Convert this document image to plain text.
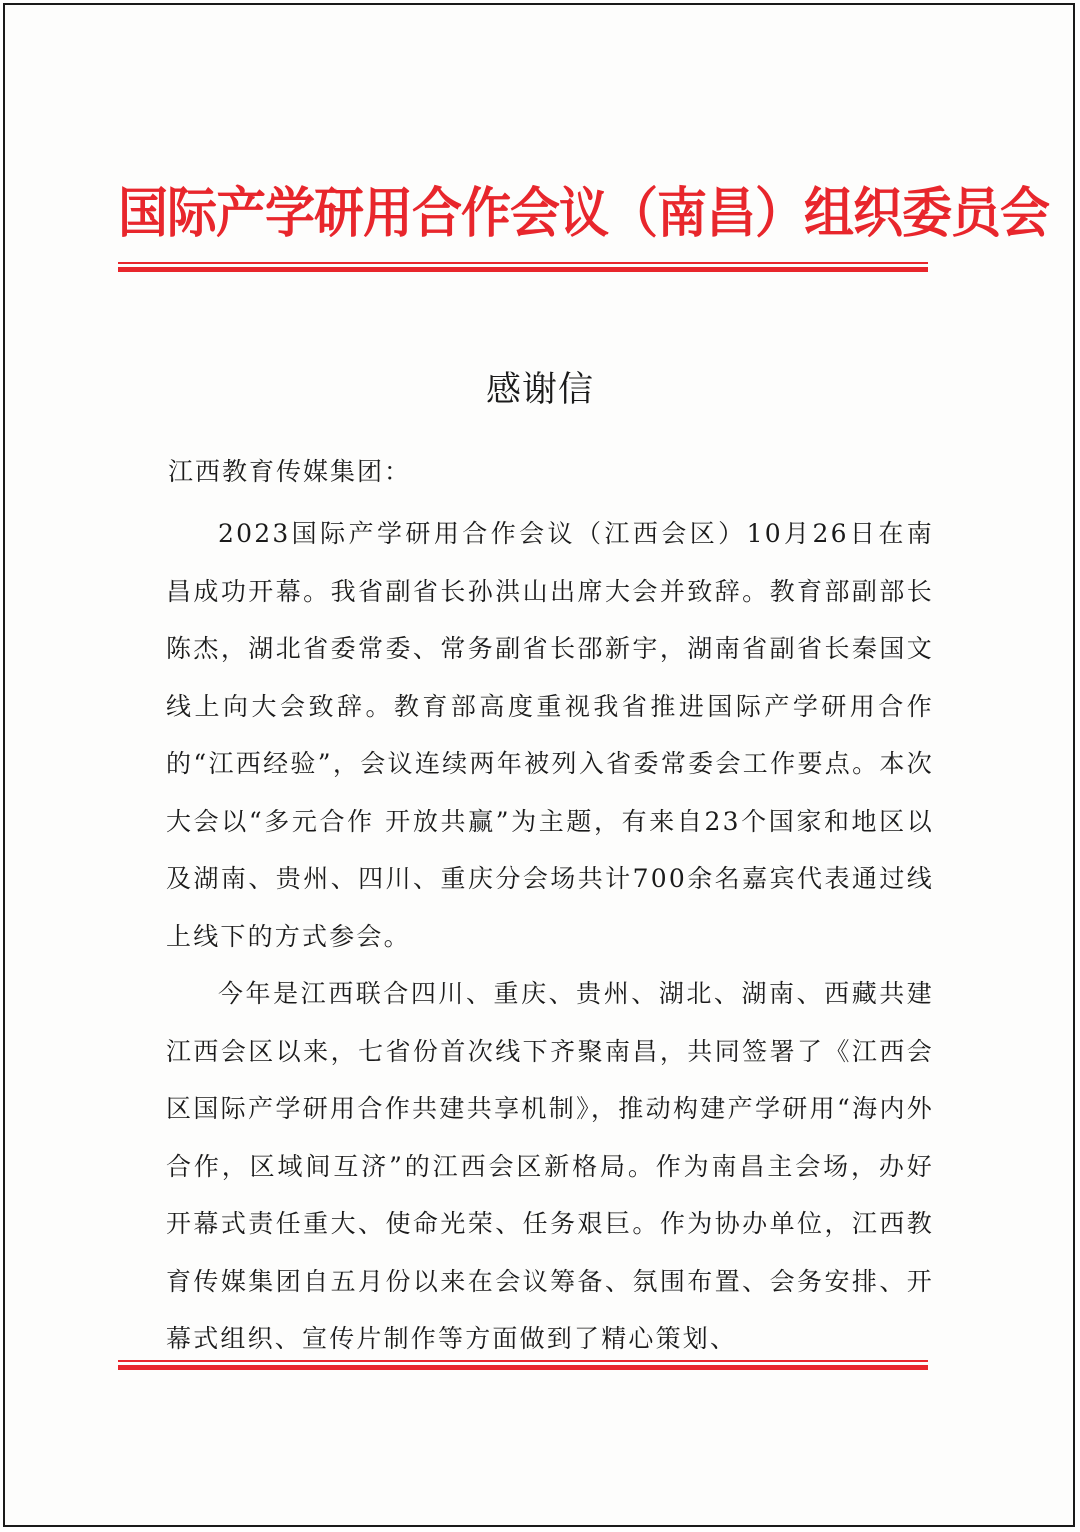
国际产学研用合作会议（南昌）组织委员会
感谢信
江西教育传媒集团：

2023国际产学研用合作会议（江西会区）10月26日在南昌成功开幕。我省副省长孙洪山出席大会并致辞。教育部副部长陈杰，湖北省委常委、常务副省长邵新宇，湖南省副省长秦国文线上向大会致辞。教育部高度重视我省推进国际产学研用合作的“江西经验”，会议连续两年被列入省委常委会工作要点。本次大会以“多元合作 开放共赢”为主题，有来自23个国家和地区以及湖南、贵州、四川、重庆分会场共计700余名嘉宾代表通过线上线下的方式参会。

今年是江西联合四川、重庆、贵州、湖北、湖南、西藏共建江西会区以来，七省份首次线下齐聚南昌，共同签署了《江西会区国际产学研用合作共建共享机制》，推动构建产学研用“海内外合作，区域间互济”的江西会区新格局。作为南昌主会场，办好开幕式责任重大、使命光荣、任务艰巨。作为协办单位，江西教育传媒集团自五月份以来在会议筹备、氛围布置、会务安排、开幕式组织、宣传片制作等方面做到了精心策划、
